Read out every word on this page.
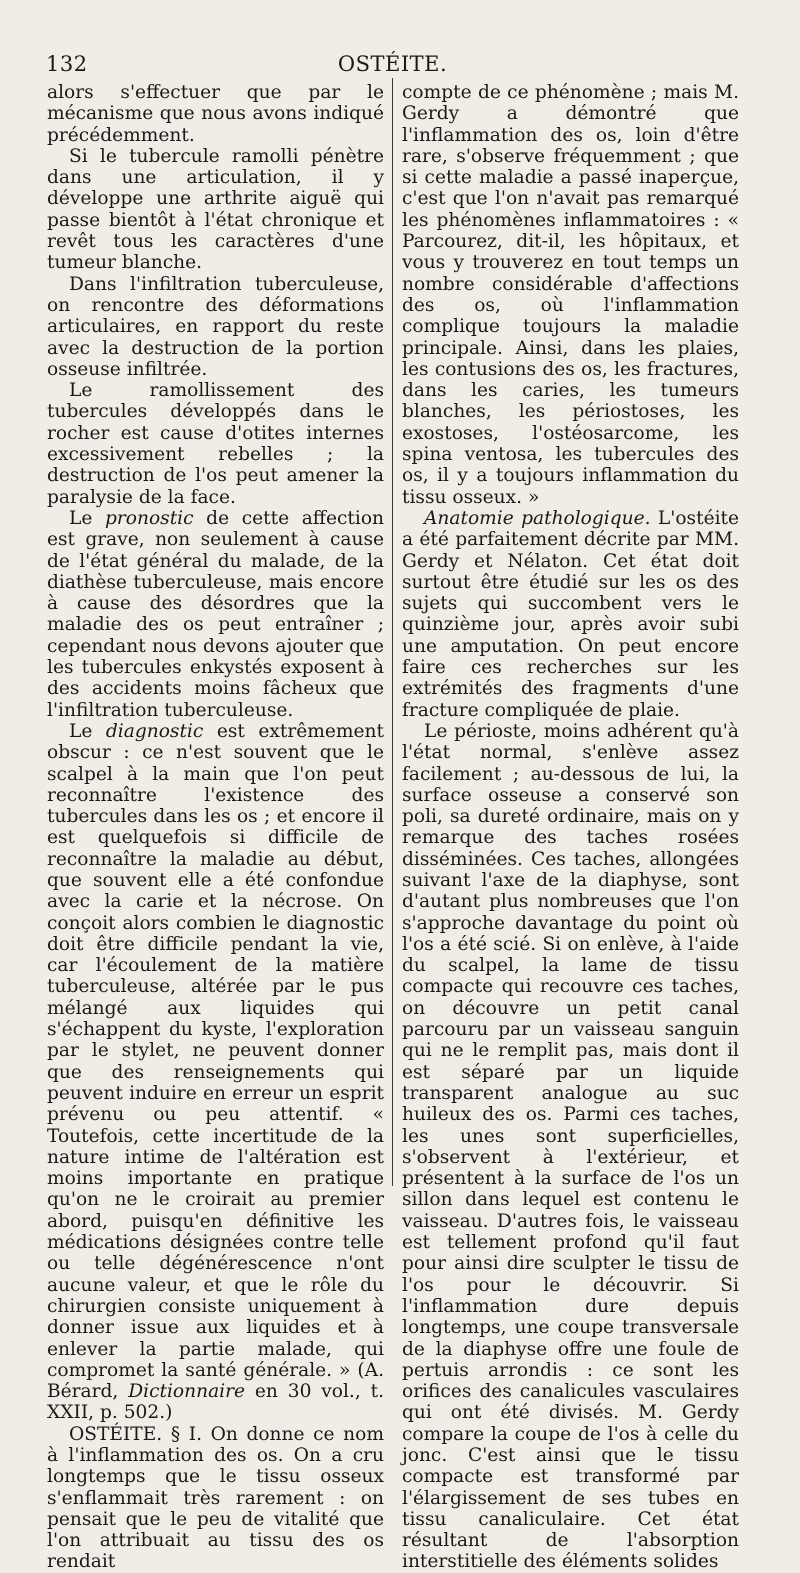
132	OSTÉITE.

alors s'effectuer que par le mécanisme que nous avons indiqué précédemment.

Si le tubercule ramolli pénètre dans une articulation, il y développe une arthrite aiguë qui passe bientôt à l'état chronique et revêt tous les caractères d'une tumeur blanche.

Dans l'infiltration tuberculeuse, on rencontre des déformations articulaires, en rapport du reste avec la destruction de la portion osseuse infiltrée.

Le ramollissement des tubercules développés dans le rocher est cause d'otites internes excessivement rebelles ; la destruction de l'os peut amener la paralysie de la face.

Le pronostic de cette affection est grave, non seulement à cause de l'état général du malade, de la diathèse tuberculeuse, mais encore à cause des désordres que la maladie des os peut entraîner ; cependant nous devons ajouter que les tubercules enkystés exposent à des accidents moins fâcheux que l'infiltration tuberculeuse.

Le diagnostic est extrêmement obscur : ce n'est souvent que le scalpel à la main que l'on peut reconnaître l'existence des tubercules dans les os ; et encore il est quelquefois si difficile de reconnaître la maladie au début, que souvent elle a été confondue avec la carie et la nécrose. On conçoit alors combien le diagnostic doit être difficile pendant la vie, car l'écoulement de la matière tuberculeuse, altérée par le pus mélangé aux liquides qui s'échappent du kyste, l'exploration par le stylet, ne peuvent donner que des renseignements qui peuvent induire en erreur un esprit prévenu ou peu attentif. « Toutefois, cette incertitude de la nature intime de l'altération est moins importante en pratique qu'on ne le croirait au premier abord, puisqu'en définitive les médications désignées contre telle ou telle dégénérescence n'ont aucune valeur, et que le rôle du chirurgien consiste uniquement à donner issue aux liquides et à enlever la partie malade, qui compromet la santé générale. » (A. Bérard, Dictionnaire en 30 vol., t. XXII, p. 502.)

OSTÉITE. § I. On donne ce nom à l'inflammation des os. On a cru longtemps que le tissu osseux s'enflammait très rarement : on pensait que le peu de vitalité que l'on attribuait au tissu des os rendait

compte de ce phénomène ; mais M. Gerdy a démontré que l'inflammation des os, loin d'être rare, s'observe fréquemment ; que si cette maladie a passé inaperçue, c'est que l'on n'avait pas remarqué les phénomènes inflammatoires : « Parcourez, dit-il, les hôpitaux, et vous y trouverez en tout temps un nombre considérable d'affections des os, où l'inflammation complique toujours la maladie principale. Ainsi, dans les plaies, les contusions des os, les fractures, dans les caries, les tumeurs blanches, les périostoses, les exostoses, l'ostéosarcome, les spina ventosa, les tubercules des os, il y a toujours inflammation du tissu osseux. »

Anatomie pathologique. L'ostéite a été parfaitement décrite par MM. Gerdy et Nélaton. Cet état doit surtout être étudié sur les os des sujets qui succombent vers le quinzième jour, après avoir subi une amputation. On peut encore faire ces recherches sur les extrémités des fragments d'une fracture compliquée de plaie.

Le périoste, moins adhérent qu'à l'état normal, s'enlève assez facilement ; au-dessous de lui, la surface osseuse a conservé son poli, sa dureté ordinaire, mais on y remarque des taches rosées disséminées. Ces taches, allongées suivant l'axe de la diaphyse, sont d'autant plus nombreuses que l'on s'approche davantage du point où l'os a été scié. Si on enlève, à l'aide du scalpel, la lame de tissu compacte qui recouvre ces taches, on découvre un petit canal parcouru par un vaisseau sanguin qui ne le remplit pas, mais dont il est séparé par un liquide transparent analogue au suc huileux des os. Parmi ces taches, les unes sont superficielles, s'observent à l'extérieur, et présentent à la surface de l'os un sillon dans lequel est contenu le vaisseau. D'autres fois, le vaisseau est tellement profond qu'il faut pour ainsi dire sculpter le tissu de l'os pour le découvrir. Si l'inflammation dure depuis longtemps, une coupe transversale de la diaphyse offre une foule de pertuis arrondis : ce sont les orifices des canalicules vasculaires qui ont été divisés. M. Gerdy compare la coupe de l'os à celle du jonc. C'est ainsi que le tissu compacte est transformé par l'élargissement de ses tubes en tissu canaliculaire. Cet état résultant de l'absorption interstitielle des éléments solides
